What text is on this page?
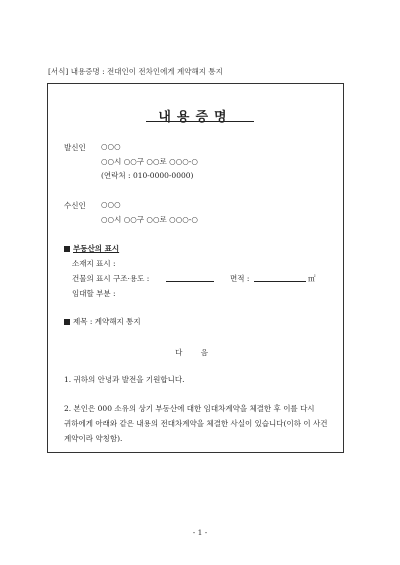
[서식] 내용증명 : 전대인이 전차인에게 계약해지 통지
내용증명
발신인 ○○○
○○시 ○○구 ○○로 ○○○-○
(연락처 : 010-0000-0000)
수신인 ○○○
○○시 ○○구 ○○로 ○○○-○
부동산의 표시
소재지 표시 :
건물의 표시 구조·용도 :	면적 :	㎡
임대할 부분 :
제목 : 계약해지 통지
다 음
1. 귀하의 안녕과 발전을 기원합니다.
2. 본인은 000 소유의 상기 부동산에 대한 임대차계약을 체결한 후 이를 다시
귀하에게 아래와 같은 내용의 전대차계약을 체결한 사실이 있습니다(이하 이 사건
계약이라 약칭함).
- 1 -
